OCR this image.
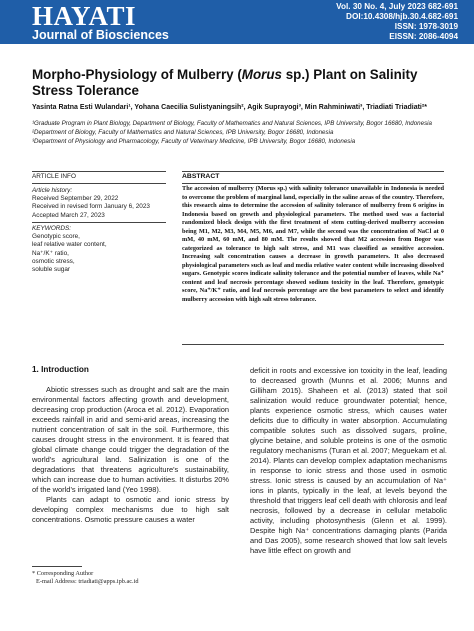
HAYATI
Journal of Biosciences
Vol. 30 No. 4, July 2023 682-691
DOI:10.4308/hjb.30.4.682-691
ISSN: 1978-3019
EISSN: 2086-4094
Morpho-Physiology of Mulberry (Morus sp.) Plant on Salinity Stress Tolerance
Yasinta Ratna Esti Wulandari¹, Yohana Caecilia Sulistyaningsih², Agik Suprayogi³, Min Rahminiwati³, Triadiati Triadiati²*
¹Graduate Program in Plant Biology, Department of Biology, Faculty of Mathematics and Natural Sciences, IPB University, Bogor 16680, Indonesia
²Department of Biology, Faculty of Mathematics and Natural Sciences, IPB University, Bogor 16680, Indonesia
³Department of Physiology and Pharmacology, Faculty of Veterinary Medicine, IPB University, Bogor 16680, Indonesia
ARTICLE INFO
Article history:
Received September 29, 2022
Received in revised form January 6, 2023
Accepted March 27, 2023
KEYWORDS:
Genotypic score,
leaf relative water content,
Na⁺/K⁺ ratio,
osmotic stress,
soluble sugar
ABSTRACT
The accession of mulberry (Morus sp.) with salinity tolerance unavailable in Indonesia is needed to overcome the problem of marginal land, especially in the saline areas of the country. Therefore, this research aims to determine the accession of salinity tolerance of mulberry from 6 origins in Indonesia based on growth and physiological parameters. The method used was a factorial randomized block design with the first treatment of stem cutting-derived mulberry accession being M1, M2, M3, M4, M5, M6, and M7, while the second was the concentration of NaCl at 0 mM, 40 mM, 60 mM, and 80 mM. The results showed that M2 accession from Bogor was categorized as tolerance to high salt stress, and M1 was classified as sensitive accession. Increasing salt concentration causes a decrease in growth parameters. It also decreased physiological parameters such as leaf and media relative water content while increasing dissolved sugars. Genotypic scores indicate salinity tolerance and the potential number of leaves, while Na⁺ content and leaf necrosis percentage showed sodium toxicity in the leaf. Therefore, genotypic score, Na⁺/K⁺ ratio, and leaf necrosis percentage are the best parameters to select and identify mulberry accession with high salt stress tolerance.
1. Introduction

Abiotic stresses such as drought and salt are the main environmental factors affecting growth and development, decreasing crop production (Aroca et al. 2012). Evaporation exceeds rainfall in arid and semi-arid areas, increasing the nutrient concentration of salt in the soil. Furthermore, this causes drought stress in the environment. It is feared that global climate change could trigger the degradation of the world's agricultural land. Salinization is one of the degradations that threatens agriculture's sustainability, which can increase due to human activities. It disturbs 20% of the world's irrigated land (Yeo 1998).

Plants can adapt to osmotic and ionic stress by developing complex mechanisms due to high salt concentrations. Osmotic pressure causes a water

deficit in roots and excessive ion toxicity in the leaf, leading to decreased growth (Munns et al. 2006; Munns and Gilliham 2015). Shaheen et al. (2013) stated that soil salinization would reduce groundwater potential; hence, plants experience osmotic stress, which causes water deficits due to difficulty in water absorption. Accumulating compatible solutes such as dissolved sugars, proline, glycine betaine, and soluble proteins is one of the osmotic regulatory mechanisms (Turan et al. 2007; Meguekam et al. 2014). Plants can develop complex adaptation mechanisms in response to ionic stress and those used in osmotic stress. Ionic stress is caused by an accumulation of Na⁺ ions in plants, typically in the leaf, at levels beyond the threshold that triggers leaf cell death with chlorosis and leaf necrosis, followed by a decrease in cellular metabolic activity, including photosynthesis (Glenn et al. 1999). Despite high Na⁺ concentrations damaging plants (Parida and Das 2005), some research showed that low salt levels have little effect on growth and

* Corresponding Author
E-mail Address: triadiati@apps.ipb.ac.id
